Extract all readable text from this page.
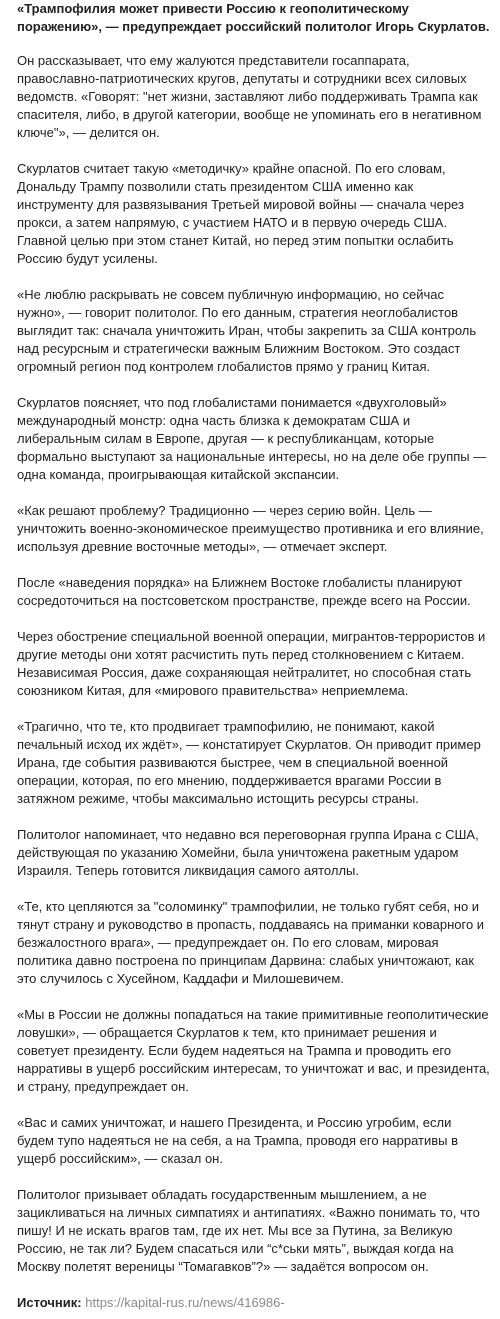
«Трампофилия может привести Россию к геополитическому поражению», — предупреждает российский политолог Игорь Скурлатов.

Он рассказывает, что ему жалуются представители госаппарата, православно-патриотических кругов, депутаты и сотрудники всех силовых ведомств. «Говорят: "нет жизни, заставляют либо поддерживать Трампа как спасителя, либо, в другой категории, вообще не упоминать его в негативном ключе"», — делится он.

Скурлатов считает такую «методичку» крайне опасной. По его словам, Дональду Трампу позволили стать президентом США именно как инструменту для развязывания Третьей мировой войны — сначала через прокси, а затем напрямую, с участием НАТО и в первую очередь США. Главной целью при этом станет Китай, но перед этим попытки ослабить Россию будут усилены.

«Не люблю раскрывать не совсем публичную информацию, но сейчас нужно», — говорит политолог. По его данным, стратегия неоглобалистов выглядит так: сначала уничтожить Иран, чтобы закрепить за США контроль над ресурсным и стратегически важным Ближним Востоком. Это создаст огромный регион под контролем глобалистов прямо у границ Китая.

Скурлатов поясняет, что под глобалистами понимается «двухголовый» международный монстр: одна часть близка к демократам США и либеральным силам в Европе, другая — к республиканцам, которые формально выступают за национальные интересы, но на деле обе группы — одна команда, проигрывающая китайской экспансии.

«Как решают проблему? Традиционно — через серию войн. Цель — уничтожить военно-экономическое преимущество противника и его влияние, используя древние восточные методы», — отмечает эксперт.

После «наведения порядка» на Ближнем Востоке глобалисты планируют сосредоточиться на постсоветском пространстве, прежде всего на России.

Через обострение специальной военной операции, мигрантов-террористов и другие методы они хотят расчистить путь перед столкновением с Китаем. Независимая Россия, даже сохраняющая нейтралитет, но способная стать союзником Китая, для «мирового правительства» неприемлема.

«Трагично, что те, кто продвигает трампофилию, не понимают, какой печальный исход их ждёт», — констатирует Скурлатов. Он приводит пример Ирана, где события развиваются быстрее, чем в специальной военной операции, которая, по его мнению, поддерживается врагами России в затяжном режиме, чтобы максимально истощить ресурсы страны.

Политолог напоминает, что недавно вся переговорная группа Ирана с США, действующая по указанию Хомейни, была уничтожена ракетным ударом Израиля. Теперь готовится ликвидация самого аятоллы.

«Те, кто цепляются за "соломинку" трампофилии, не только губят себя, но и тянут страну и руководство в пропасть, поддаваясь на приманки коварного и безжалостного врага», — предупреждает он. По его словам, мировая политика давно построена по принципам Дарвина: слабых уничтожают, как это случилось с Хусейном, Каддафи и Милошевичем.

«Мы в России не должны попадаться на такие примитивные геополитические ловушки», — обращается Скурлатов к тем, кто принимает решения и советует президенту. Если будем надеяться на Трампа и проводить его нарративы в ущерб российским интересам, то уничтожат и вас, и президента, и страну, предупреждает он.

«Вас и самих уничтожат, и нашего Президента, и Россию угробим, если будем тупо надеяться не на себя, а на Трампа, проводя его нарративы в ущерб российским», — сказал он.

Политолог призывает обладать государственным мышлением, а не зацикливаться на личных симпатиях и антипатиях. «Важно понимать то, что пишу! И не искать врагов там, где их нет. Мы все за Путина, за Великую Россию, не так ли? Будем спасаться или “с*ськи мять”, выждая когда на Москву полетят вереницы “Томагавков”?» — задаётся вопросом он.

Источник: https://kapital-rus.ru/news/416986-
